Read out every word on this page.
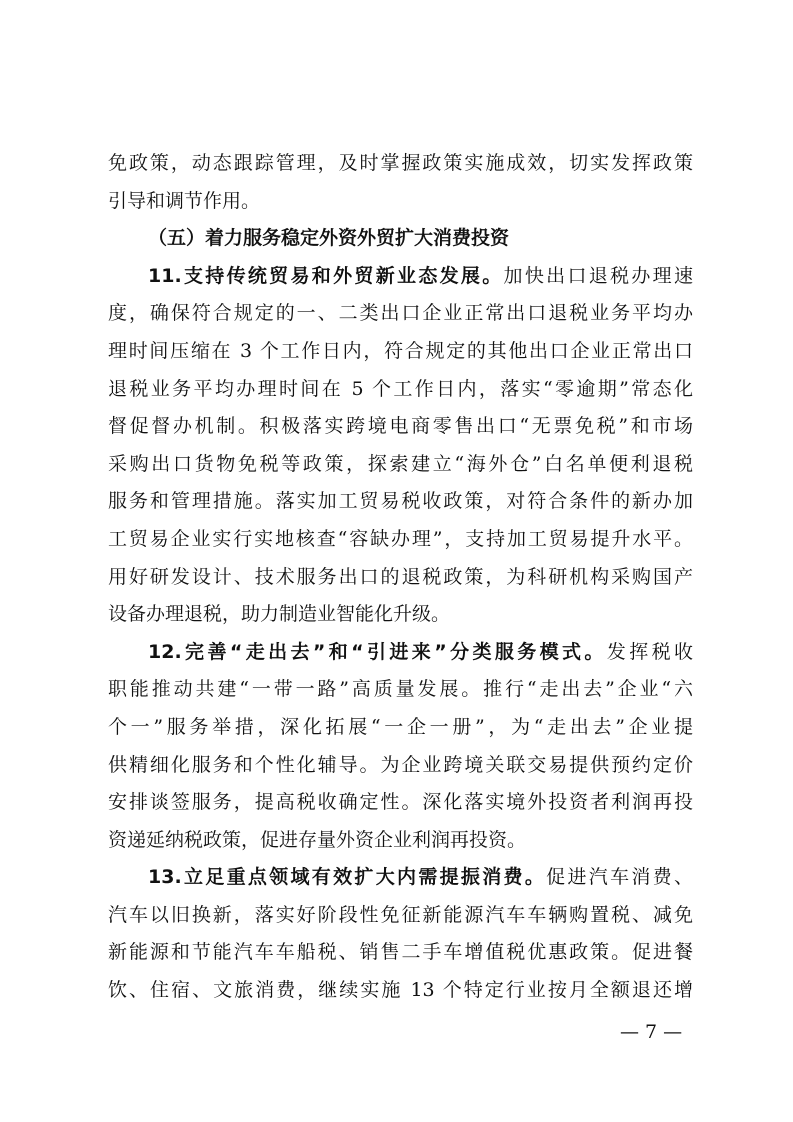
免政策，动态跟踪管理，及时掌握政策实施成效，切实发挥政策
引导和调节作用。
（五）着力服务稳定外资外贸扩大消费投资
11.支持传统贸易和外贸新业态发展。加快出口退税办理速
度，确保符合规定的一、二类出口企业正常出口退税业务平均办
理时间压缩在 3 个工作日内，符合规定的其他出口企业正常出口
退税业务平均办理时间在 5 个工作日内，落实“零逾期”常态化
督促督办机制。积极落实跨境电商零售出口“无票免税”和市场
采购出口货物免税等政策，探索建立“海外仓”白名单便利退税
服务和管理措施。落实加工贸易税收政策，对符合条件的新办加
工贸易企业实行实地核查“容缺办理”，支持加工贸易提升水平。
用好研发设计、技术服务出口的退税政策，为科研机构采购国产
设备办理退税，助力制造业智能化升级。
12.完善“走出去”和“引进来”分类服务模式。发挥税收
职能推动共建“一带一路”高质量发展。推行“走出去”企业“六
个一”服务举措，深化拓展“一企一册”，为“走出去”企业提
供精细化服务和个性化辅导。为企业跨境关联交易提供预约定价
安排谈签服务，提高税收确定性。深化落实境外投资者利润再投
资递延纳税政策，促进存量外资企业利润再投资。
13.立足重点领域有效扩大内需提振消费。促进汽车消费、
汽车以旧换新，落实好阶段性免征新能源汽车车辆购置税、减免
新能源和节能汽车车船税、销售二手车增值税优惠政策。促进餐
饮、住宿、文旅消费，继续实施 13 个特定行业按月全额退还增
— 7 —
